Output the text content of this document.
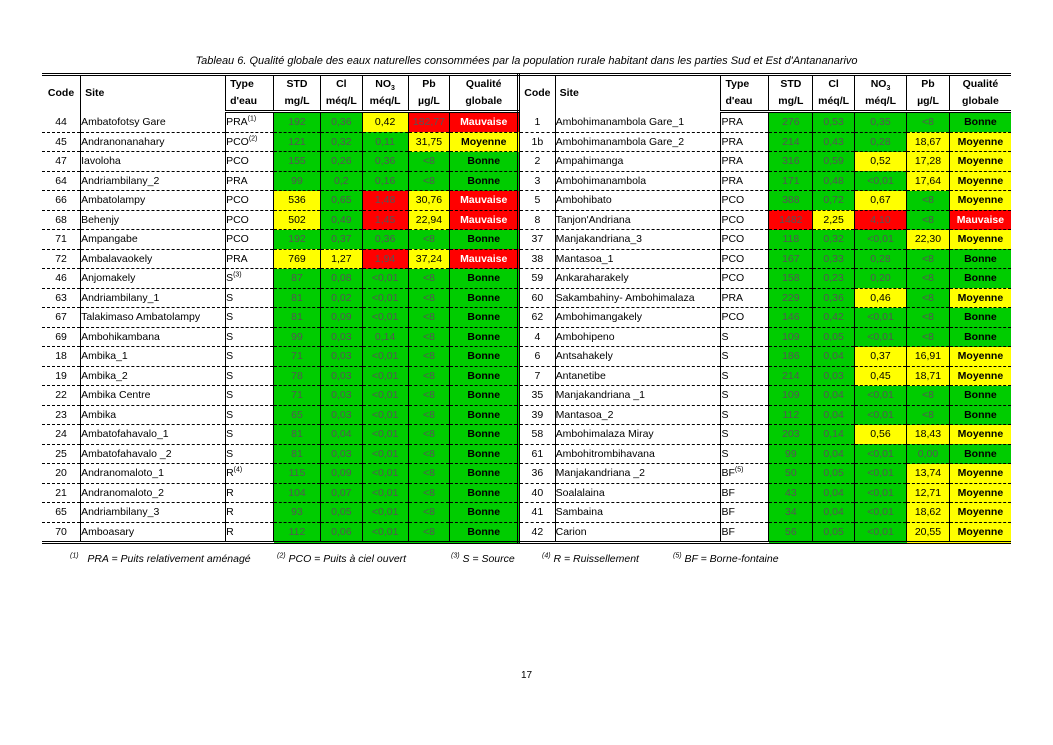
Tableau 6. Qualité globale des eaux naturelles consommées par la population rurale habitant dans les parties Sud et Est d'Antananarivo
Code	Site	Type	STD	Cl	$NO_3$	Pb	Qualité	Code	Site	Type	STD	Cl	$NO_3$	Pb	Qualité
		d'eau	mg/L	méq/L	méq/L	µg/L	globale			d'eau	mg/L	méq/L	méq/L	µg/L	globale
44	Ambatofotsy Gare	PRA$^{(1)}$	192	0,36	0,42	182,77	Mauvaise	1	Ambohimanambola Gare_1	PRA	276	0,53	0,35	<8	Bonne
45	Andranonanahary	PCO$^{(2)}$	121	0,32	0,11	31,75	Moyenne	1b	Ambohimanambola Gare_2	PRA	214	0,43	0,28	18,67	Moyenne
47	Iavoloha	PCO	155	0,26	0,36	<8	Bonne	2	Ampahimanga	PRA	316	0,59	0,52	17,28	Moyenne
64	Andriambilany_2	PRA	99	0,2	0,16	<8	Bonne	3	Ambohimanambola	PRA	171	0,48	<0,01	17,64	Moyenne
66	Ambatolampy	PCO	536	0,65	1,48	30,76	Mauvaise	5	Ambohibato	PCO	388	0,72	0,67	<8	Moyenne
68	Behenjy	PCO	502	0,49	1,45	22,94	Mauvaise	8	Tanjon'Andriana	PCO	1482	2,25	4,10	<8	Mauvaise
71	Ampangabe	PCO	192	0,37	0,36	<8	Bonne	37	Manjakandriana_3	PCO	118	0,32	<0,01	22,30	Moyenne
72	Ambalavaokely	PRA	769	1,27	1,94	37,24	Mauvaise	38	Mantasoa_1	PCO	167	0,33	0,28	<8	Bonne
46	Anjomakely	$S^{(3)}$	87	0,08	<0,01	<8	Bonne	59	Ankaraharakely	PCO	158	0,23	0,20	<8	Bonne
63	Andriambilany_1	S	81	0,02	<0,01	<8	Bonne	60	Sakambahiny- Ambohimalaza	PRA	229	0,36	0,46	<8	Moyenne
67	Talakimaso Ambatolampy	S	81	0,09	<0,01	<8	Bonne	62	Ambohimangakely	PCO	146	0,42	<0,01	<8	Bonne
69	Ambohikambana	S	99	0,03	0,14	<8	Bonne	4	Ambohipeno	S	109	0,05	<0,01	<8	Bonne
18	Ambika_1	S	71	0,03	<0,01	<8	Bonne	6	Antsahakely	S	186	0,04	0,37	16,91	Moyenne
19	Ambika_2	S	78	0,03	<0,01	<8	Bonne	7	Antanetibe	S	214	0,03	0,45	18,71	Moyenne
22	Ambika Centre	S	71	0,03	<0,01	<8	Bonne	35	Manjakandriana _1	S	109	0,04	<0,01	<8	Bonne
23	Ambika	S	65	0,03	<0,01	<8	Bonne	39	Mantasoa_2	S	112	0,04	<0,01	<8	Bonne
24	Ambatofahavalo_1	S	81	0,04	<0,01	<8	Bonne	58	Ambohimalaza Miray	S	203	0,14	0,56	18,43	Moyenne
25	Ambatofahavalo _2	S	81	0,03	<0,01	<8	Bonne	61	Ambohitrombihavana	S	99	0,04	<0,01	0,00	Bonne
20	Andranomaloto_1	$R^{(4)}$	115	0,09	<0,01	<8	Bonne	36	Manjakandriana _2	BF$^{(5)}$	50	0,05	<0,01	13,74	Moyenne
21	Andranomaloto_2	R	104	0,07	<0,01	<8	Bonne	40	Soalalaina	BF	43	0,04	<0,01	12,71	Moyenne
65	Andriambilany_3	R	93	0,05	<0,01	<8	Bonne	41	Sambaina	BF	34	0,04	<0,01	18,62	Moyenne
70	Amboasary	R	112	0,06	<0,01	<8	Bonne	42	Carion	BF	56	0,05	<0,01	20,55	Moyenne
$^{(1)}$ PRA = Puits relativement aménagé	$^{(2)}$ PCO = Puits à ciel ouvert	$^{(3)}$ S = Source	$^{(4)}$ R = Ruissellement	$^{(5)}$ BF = Borne-fontaine
17
